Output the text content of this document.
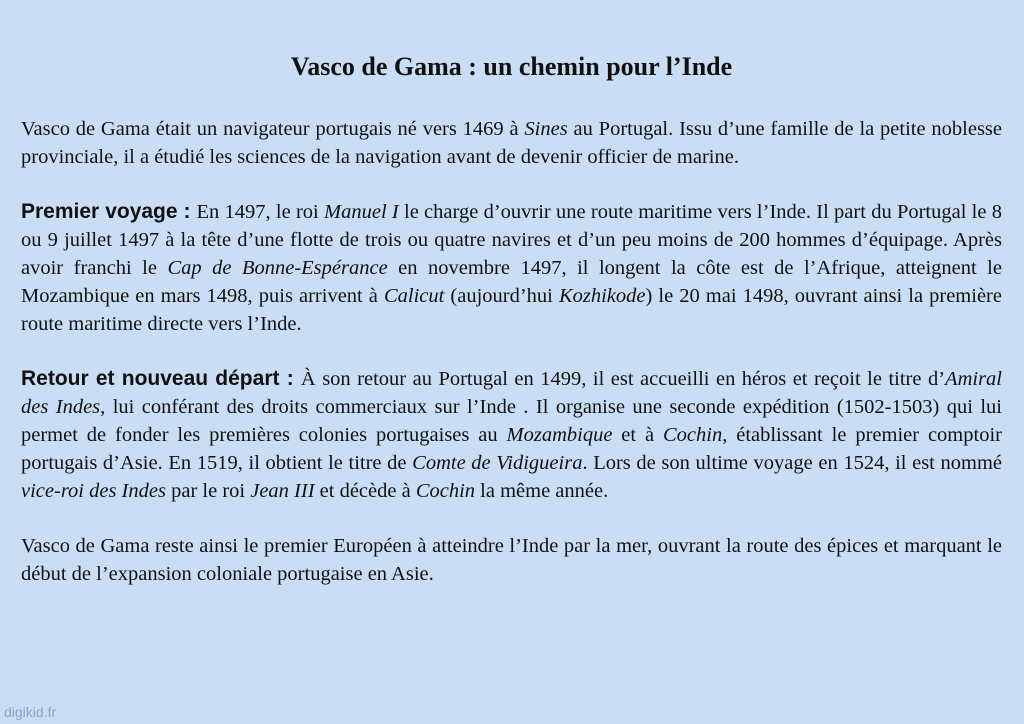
Vasco de Gama : un chemin pour l’Inde

Vasco de Gama était un navigateur portugais né vers 1469 à Sines au Portugal. Issu d’une famille de la petite noblesse provinciale, il a étudié les sciences de la navigation avant de devenir officier de marine.

Premier voyage : En 1497, le roi Manuel I le charge d’ouvrir une route maritime vers l’Inde. Il part du Portugal le 8 ou 9 juillet 1497 à la tête d’une flotte de trois ou quatre navires et d’un peu moins de 200 hommes d’équipage. Après avoir franchi le Cap de Bonne-Espérance en novembre 1497, il longent la côte est de l’Afrique, atteignent le Mozambique en mars 1498, puis arrivent à Calicut (aujourd’hui Kozhikode) le 20 mai 1498, ouvrant ainsi la première route maritime directe vers l’Inde.

Retour et nouveau départ : À son retour au Portugal en 1499, il est accueilli en héros et reçoit le titre d’Amiral des Indes, lui conférant des droits commerciaux sur l’Inde . Il organise une seconde expédition (1502-1503) qui lui permet de fonder les premières colonies portugaises au Mozambique et à Cochin, établissant le premier comptoir portugais d’Asie. En 1519, il obtient le titre de Comte de Vidigueira. Lors de son ultime voyage en 1524, il est nommé vice-roi des Indes par le roi Jean III et décède à Cochin la même année.

Vasco de Gama reste ainsi le premier Européen à atteindre l’Inde par la mer, ouvrant la route des épices et marquant le début de l’expansion coloniale portugaise en Asie.

digikid.fr
